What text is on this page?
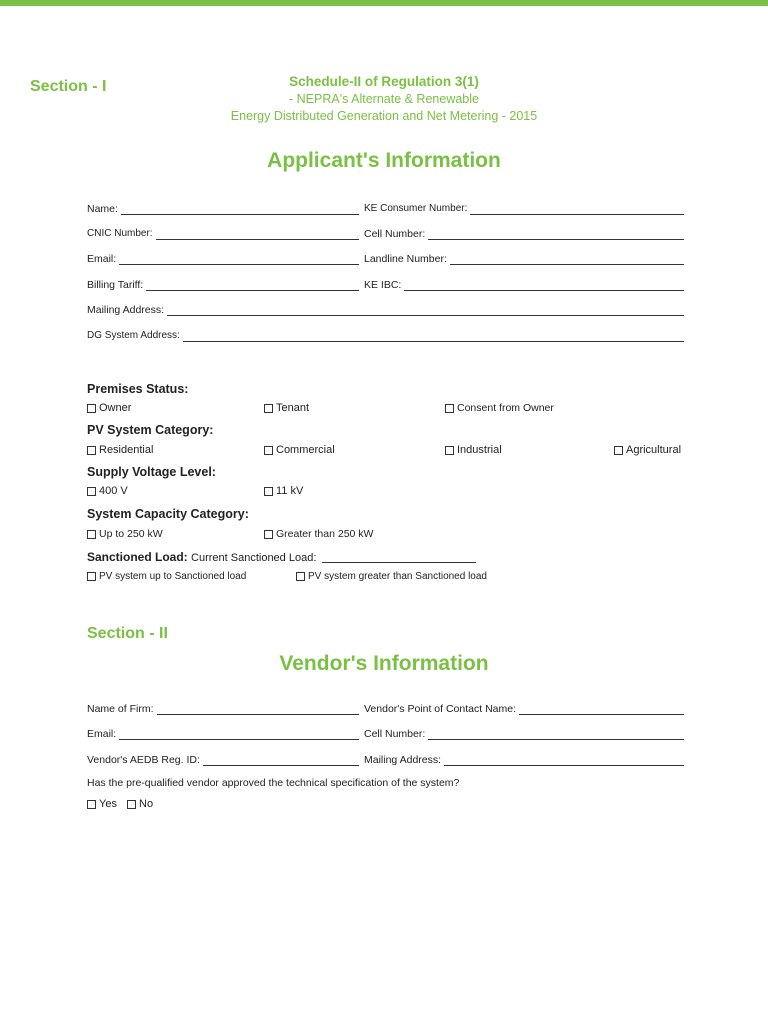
Section - I	Schedule-II of Regulation 3(1)
- NEPRA's Alternate & Renewable
Energy Distributed Generation and Net Metering - 2015
Applicant's Information
Name:	KE Consumer Number:
CNIC Number:	Cell Number:
Email:	Landline Number:
Billing Tariff:	KE IBC:
Mailing Address:
DG System Address:
Premises Status:
Owner	Tenant	Consent from Owner
PV System Category:
Residential	Commercial	Industrial	Agricultural
Supply Voltage Level:
400 V	11 kV
System Capacity Category:
Up to 250 kW	Greater than 250 kW
Sanctioned Load: Current Sanctioned Load:
PV system up to Sanctioned load	PV system greater than Sanctioned load
Section - II
Vendor's Information
Name of Firm:	Vendor's Point of Contact Name:
Email:	Cell Number:
Vendor's AEDB Reg. ID:	Mailing Address:
Has the pre-qualified vendor approved the technical specification of the system?
Yes No
